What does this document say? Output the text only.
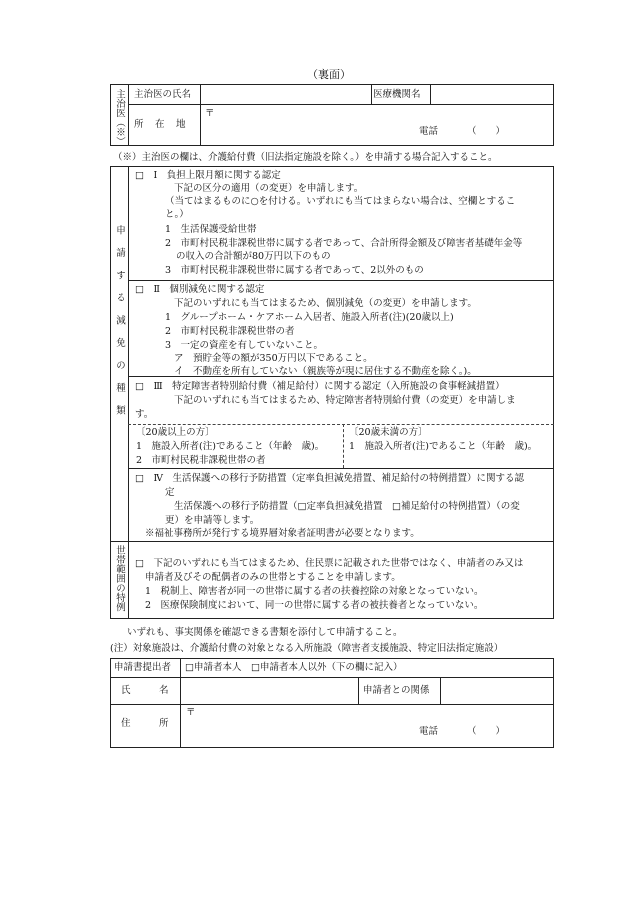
（裏面）
主治医（※） 主治医の氏名	医療機関名
所　在　地
〒
電話	（　　）
（※）主治医の欄は、介護給付費（旧法指定施設を除く。）を申請する場合記入すること。
申請する減免の種類
□　Ⅰ　負担上限月額に関する認定
下記の区分の適用（の変更）を申請します。
（当てはまるものに○を付ける。いずれにも当てはまらない場合は、空欄とするこ
と。）
1　生活保護受給世帯
2　市町村民税非課税世帯に属する者であって、合計所得金額及び障害者基礎年金等
の収入の合計額が80万円以下のもの
3　市町村民税非課税世帯に属する者であって、2以外のもの
□　Ⅱ　個別減免に関する認定
下記のいずれにも当てはまるため、個別減免（の変更）を申請します。
1　グループホーム・ケアホーム入居者、施設入所者(注)(20歳以上)
2　市町村民税非課税世帯の者
3　一定の資産を有していないこと。
ア　預貯金等の額が350万円以下であること。
イ　不動産を所有していない（親族等が現に居住する不動産を除く。)。
□　Ⅲ　特定障害者特別給付費（補足給付）に関する認定（入所施設の食事軽減措置）
下記のいずれにも当てはまるため、特定障害者特別給付費（の変更）を申請しま
す。
〔20歳以上の方〕
1　施設入所者(注)であること（年齢　歳)。
2　市町村民税非課税世帯の者
〔20歳未満の方〕
1　施設入所者(注)であること（年齢　歳)。
□　Ⅳ　生活保護への移行予防措置（定率負担減免措置、補足給付の特例措置）に関する認
定
生活保護への移行予防措置（□定率負担減免措置　□補足給付の特例措置）（の変
更）を申請等します。
※福祉事務所が発行する境界層対象者証明書が必要となります。
世帯範囲の特例 □　下記のいずれにも当てはまるため、住民票に記載された世帯ではなく、申請者のみ又は
申請者及びその配偶者のみの世帯とすることを申請します。
1　税制上、障害者が同一の世帯に属する者の扶養控除の対象となっていない。
2　医療保険制度において、同一の世帯に属する者の被扶養者となっていない。
いずれも、事実関係を確認できる書類を添付して申請すること。
(注）対象施設は、介護給付費の対象となる入所施設（障害者支援施設、特定旧法指定施設）
申請書提出者 □申請者本人　□申請者本人以外（下の欄に記入）
氏　　　名	申請者との関係
住　　　所
〒
電話	（　　）
